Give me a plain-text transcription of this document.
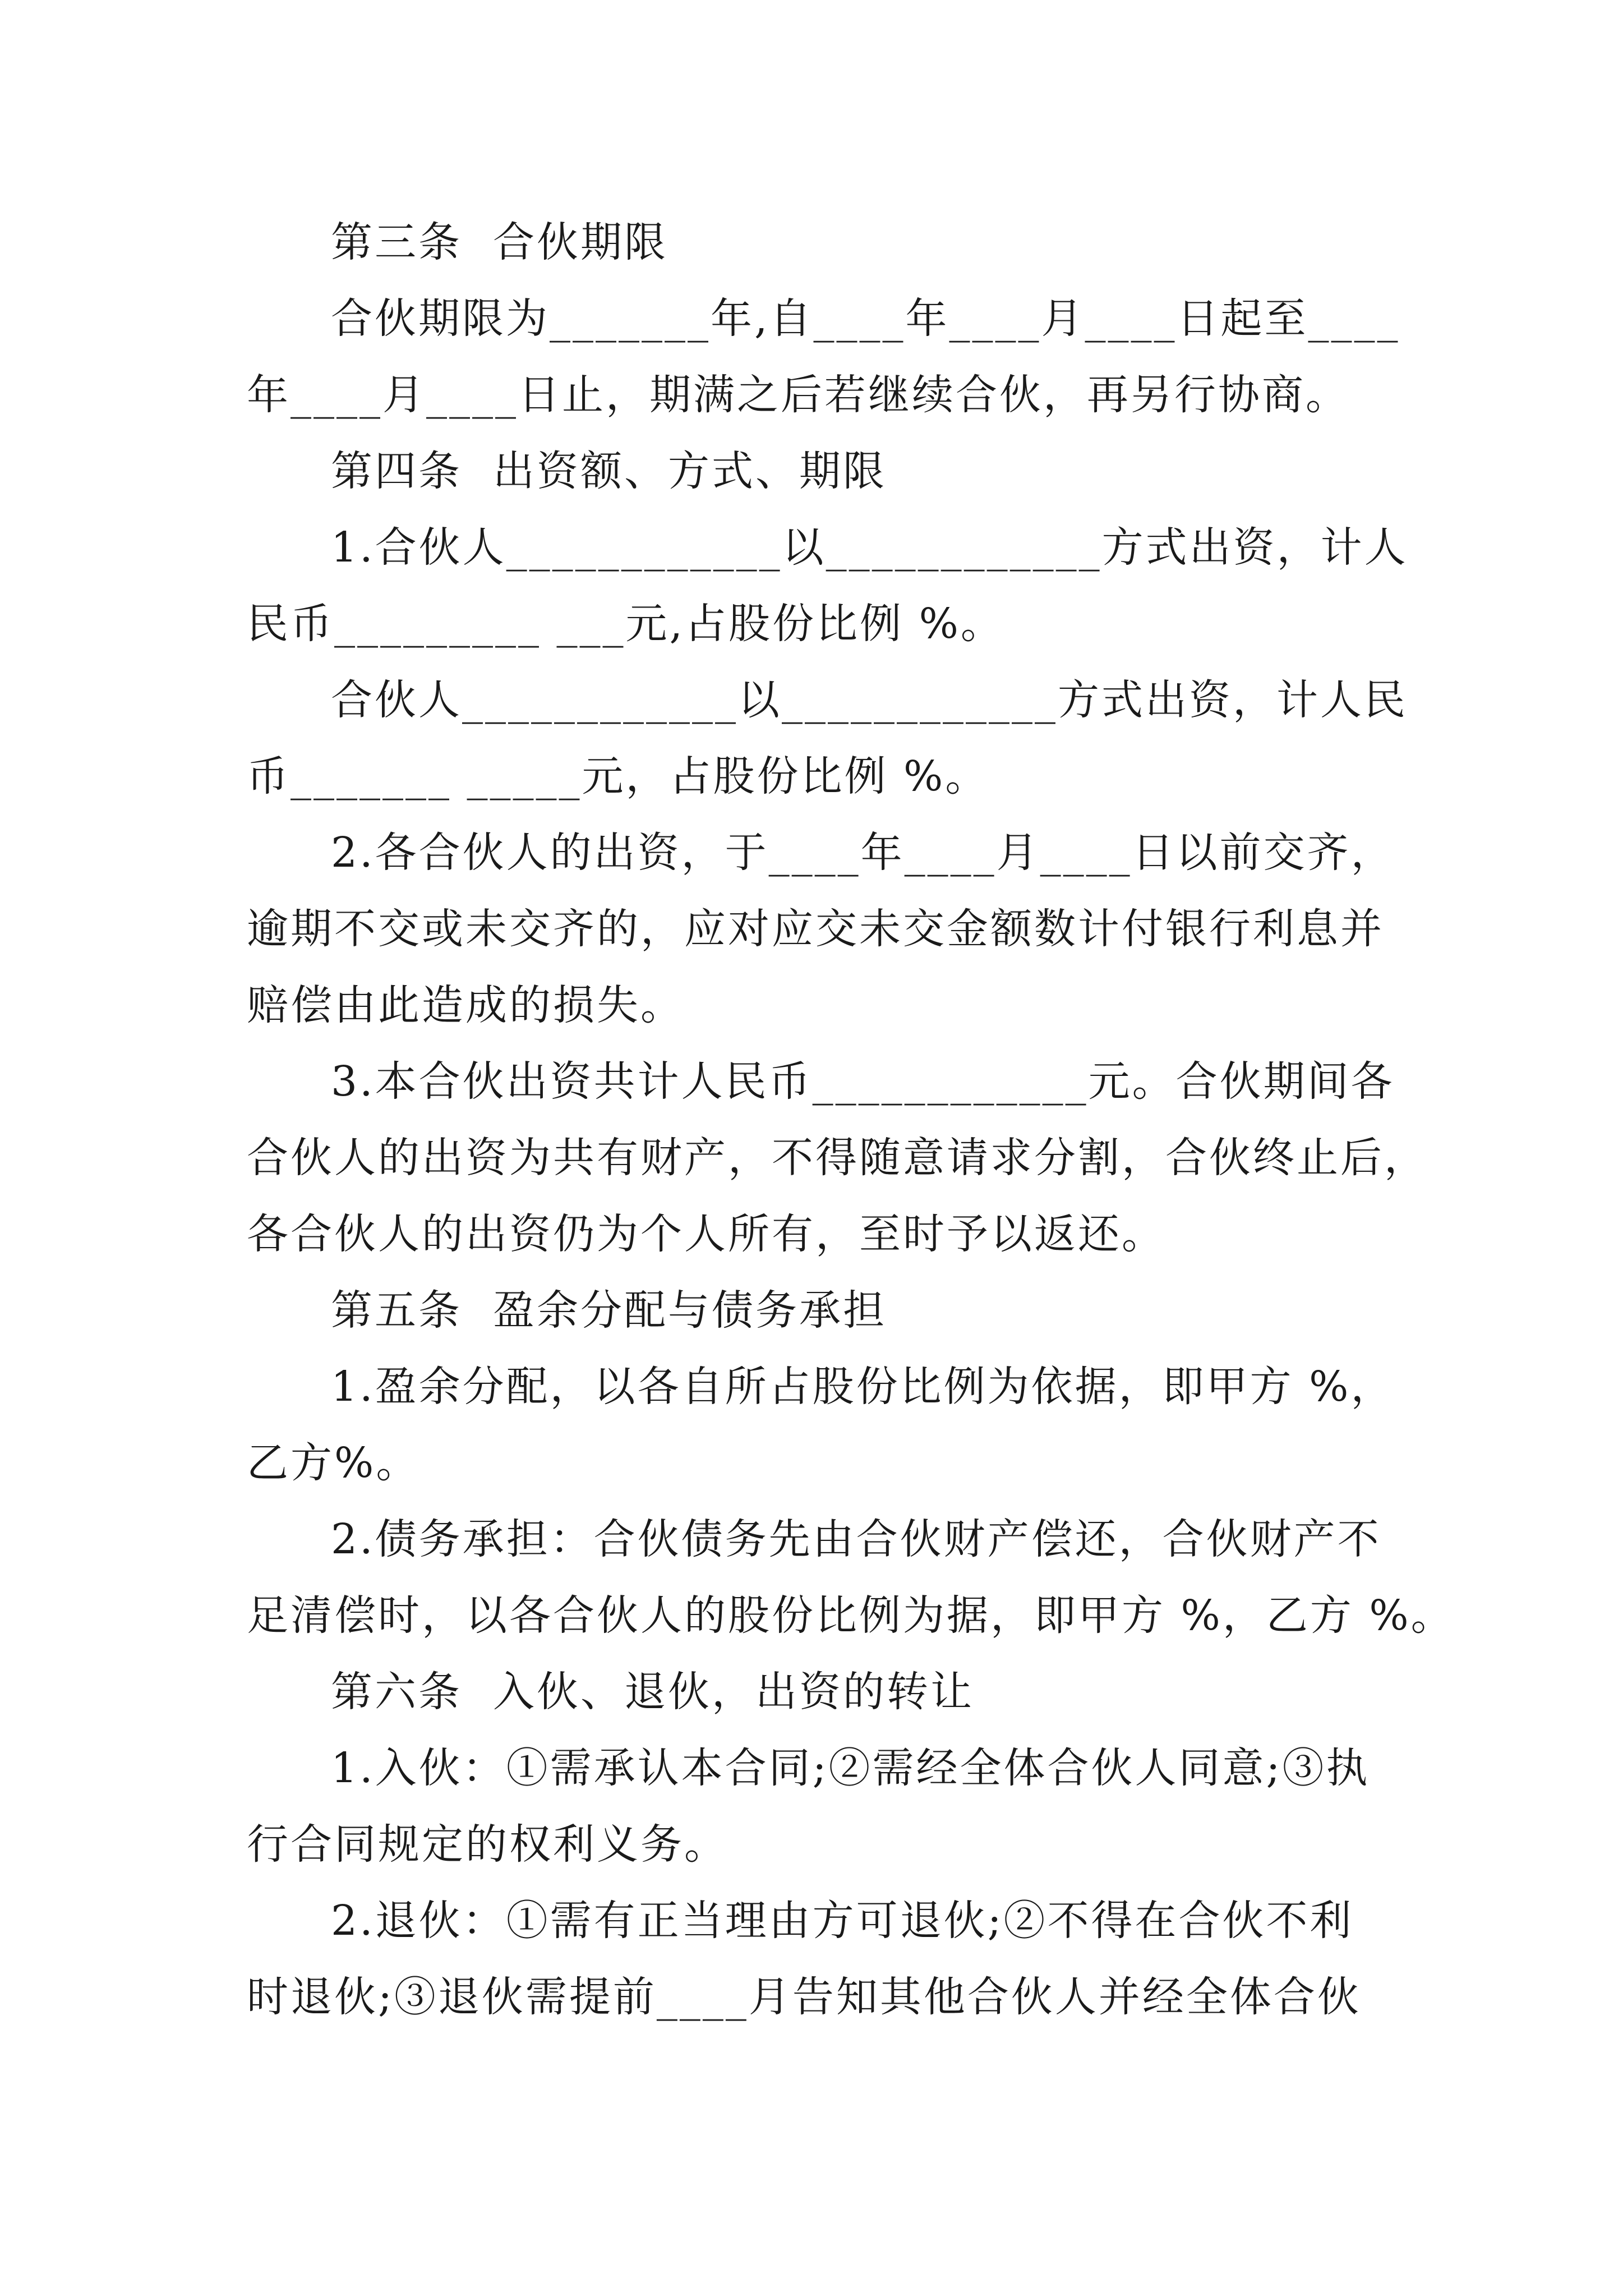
第三条  合伙期限
合伙期限为_______年,自____年____月____日起至____
年____月____日止，期满之后若继续合伙，再另行协商。
第四条  出资额、方式、期限
1.合伙人____________以____________方式出资，计人
民币_________ ___元,占股份比例 %。
合伙人____________以____________方式出资，计人民
币_______ _____元，占股份比例 %。
2.各合伙人的出资，于____年____月____日以前交齐，
逾期不交或未交齐的，应对应交未交金额数计付银行利息并
赔偿由此造成的损失。
3.本合伙出资共计人民币____________元。合伙期间各
合伙人的出资为共有财产，不得随意请求分割，合伙终止后，
各合伙人的出资仍为个人所有，至时予以返还。
第五条  盈余分配与债务承担
1.盈余分配，以各自所占股份比例为依据，即甲方 %，
乙方%。
2.债务承担：合伙债务先由合伙财产偿还，合伙财产不
足清偿时，以各合伙人的股份比例为据，即甲方 %，乙方 %。
第六条  入伙、退伙，出资的转让
1.入伙：①需承认本合同;②需经全体合伙人同意;③执
行合同规定的权利义务。
2.退伙：①需有正当理由方可退伙;②不得在合伙不利
时退伙;③退伙需提前____月告知其他合伙人并经全体合伙
